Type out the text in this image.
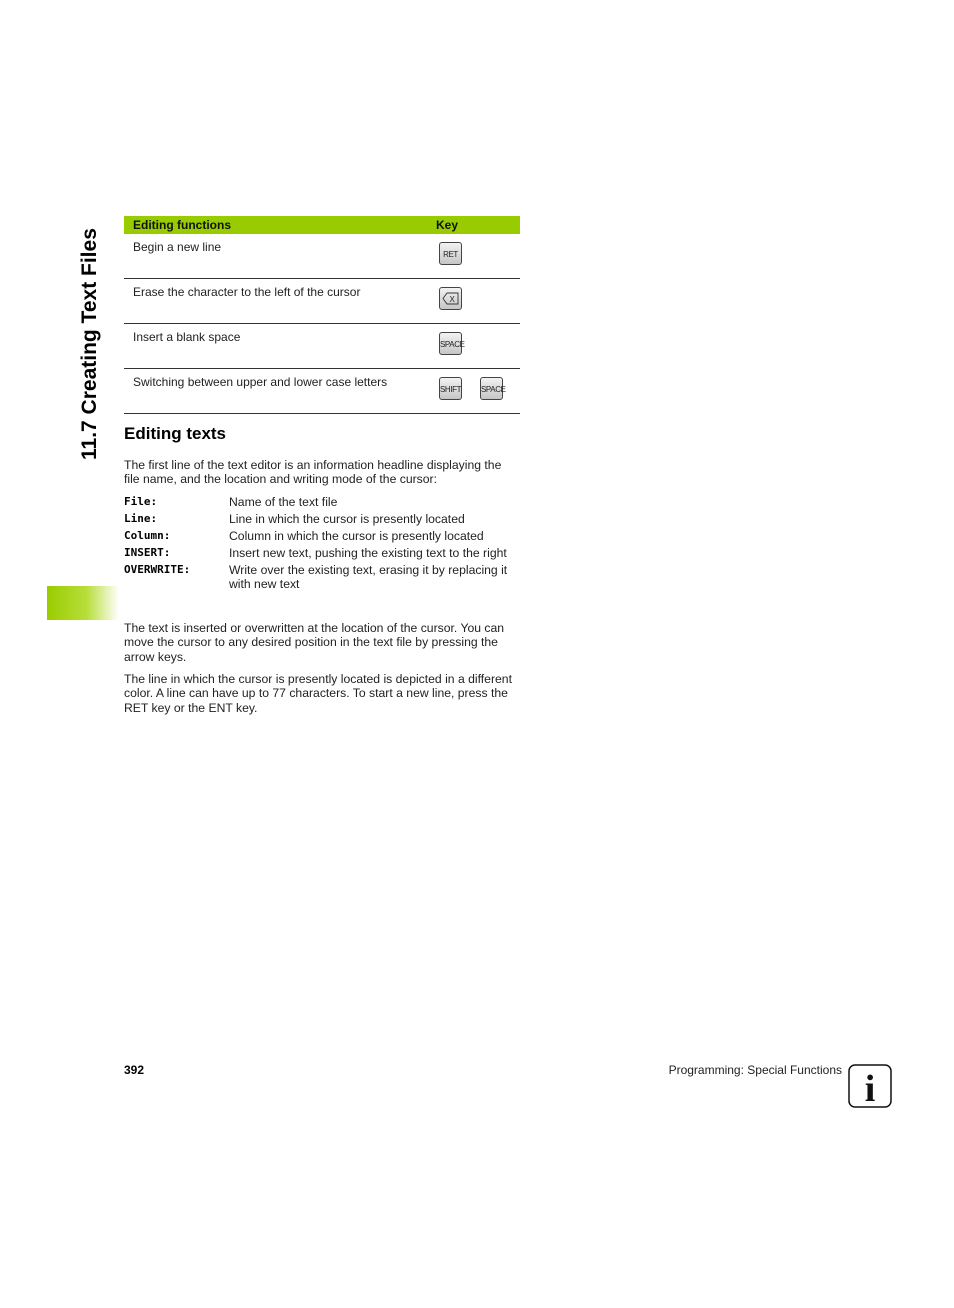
11.7 Creating Text Files
Editing functions	Key
Begin a new line	RET
Erase the character to the left of the cursor	X
Insert a blank space	SPACE
Switching between upper and lower case letters	SHIFT SPACE
Editing texts

The first line of the text editor is an information headline displaying the file name, and the location and writing mode of the cursor:

File:	Name of the text file
Line:	Line in which the cursor is presently located
Column:	Column in which the cursor is presently located
INSERT:	Insert new text, pushing the existing text to the right
OVERWRITE:	Write over the existing text, erasing it by replacing it with new text

The text is inserted or overwritten at the location of the cursor. You can move the cursor to any desired position in the text file by pressing the arrow keys.

The line in which the cursor is presently located is depicted in a different color. A line can have up to 77 characters. To start a new line, press the RET key or the ENT key.

392	Programming: Special Functions i
